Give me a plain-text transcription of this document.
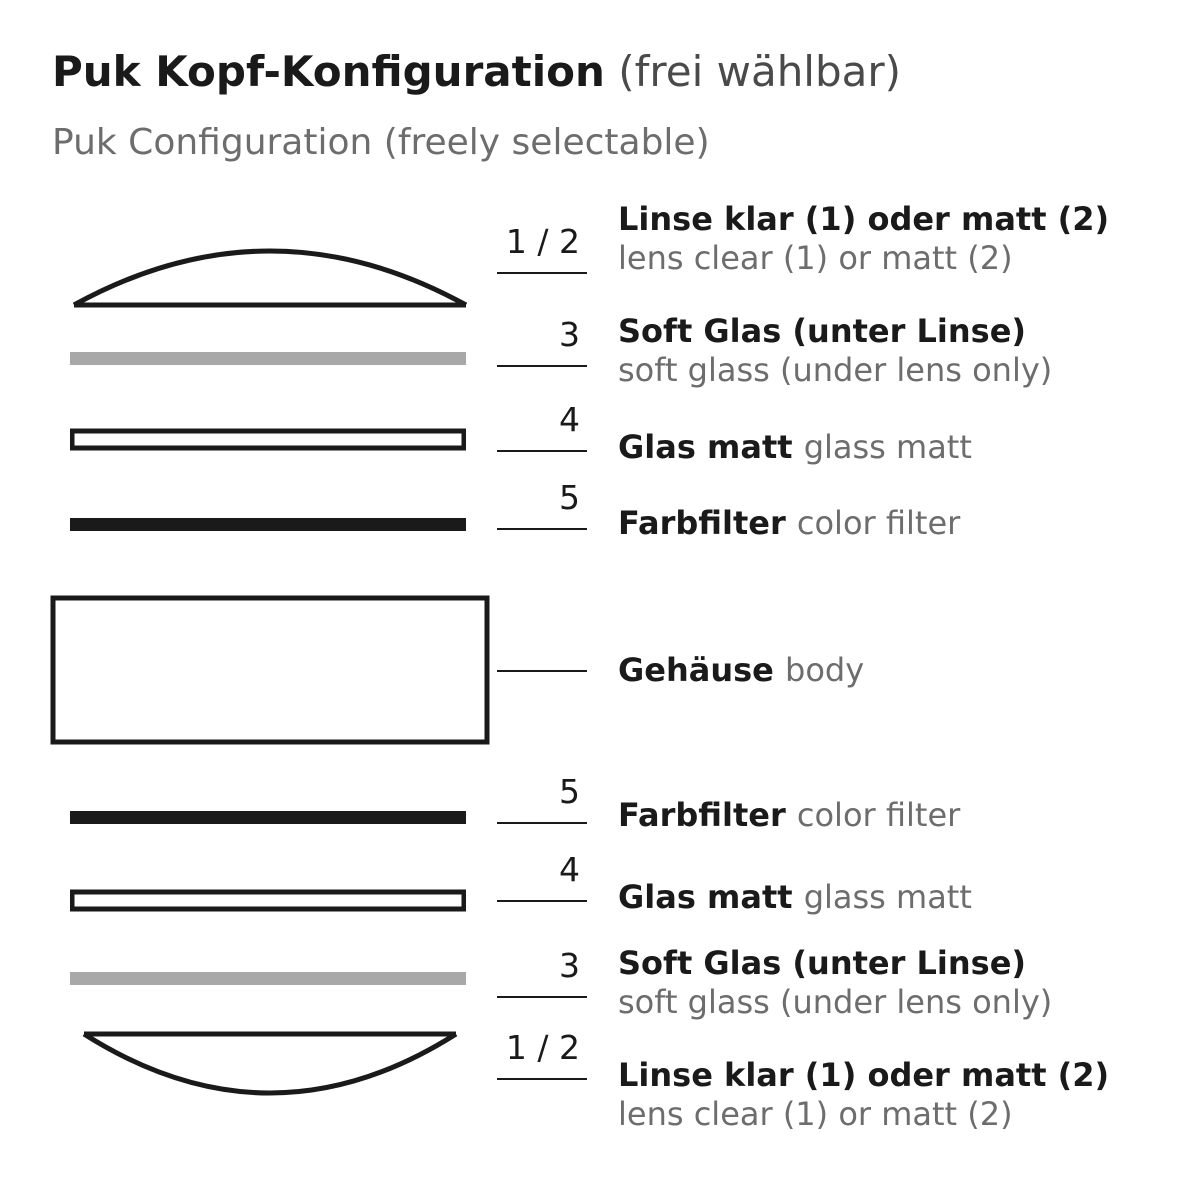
Puk Kopf-Konfiguration (frei wählbar)
Puk Configuration (freely selectable)
1 / 2
Linse klar (1) oder matt (2)
lens clear (1) or matt (2)
3 Soft Glas (unter Linse)
soft glass (under lens only)
4
Glas matt glass matt
5
Farbfilter color filter
Gehäuse body
5
Farbfilter color filter
4
Glas matt glass matt
3 Soft Glas (unter Linse)
soft glass (under lens only)
1 / 2
Linse klar (1) oder matt (2)
lens clear (1) or matt (2)
